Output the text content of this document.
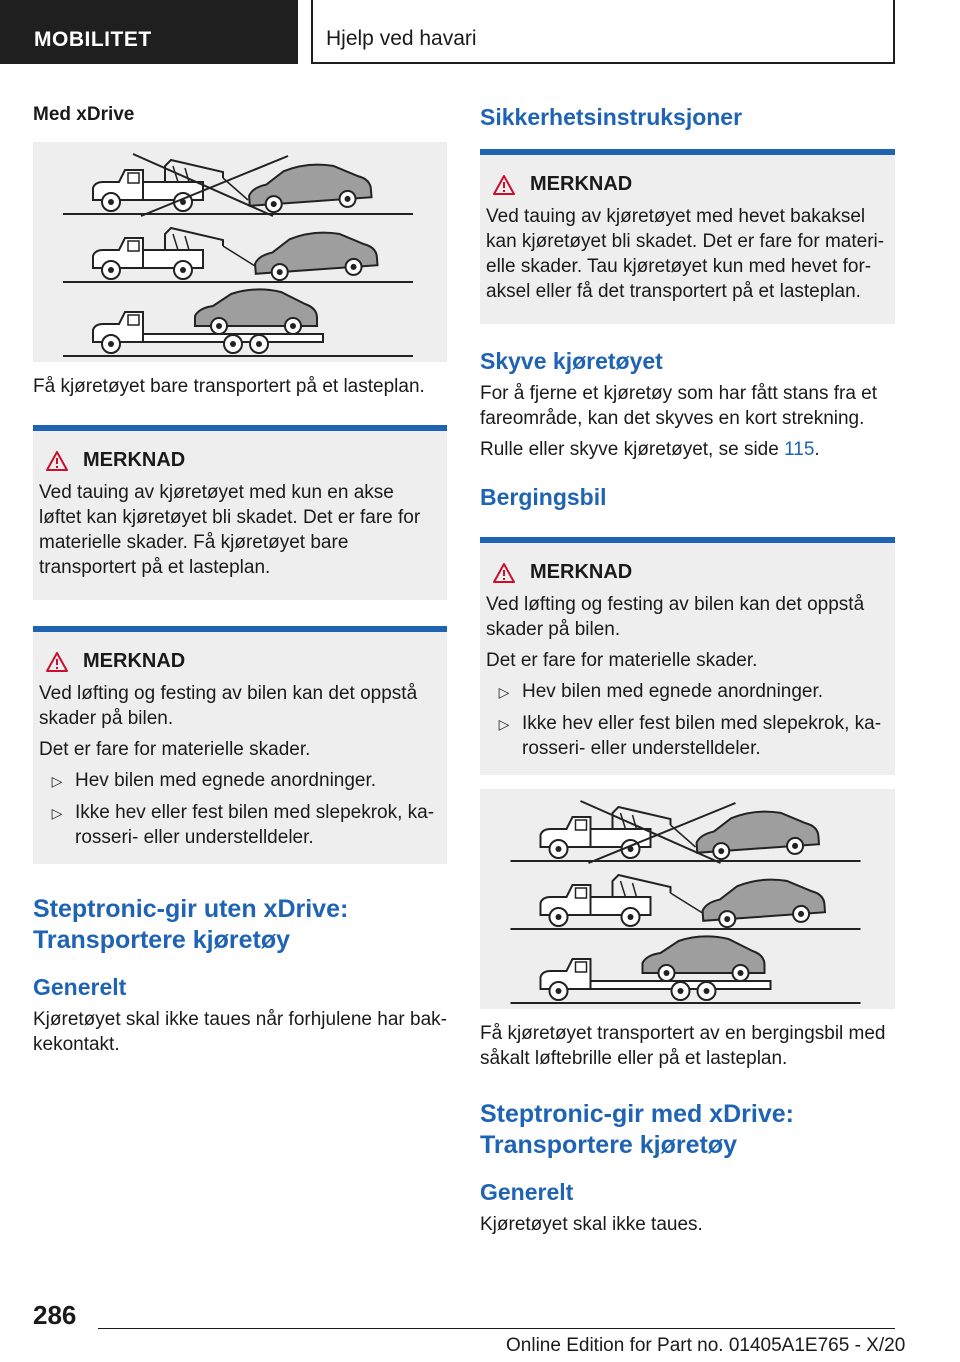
MOBILITET	Hjelp ved havari
Med xDrive

Få kjøretøyet bare transportert på et lasteplan.

MERKNAD

Ved tauing av kjøretøyet med kun en akse løftet kan kjøretøyet bli skadet. Det er fare for materielle skader. Få kjøretøyet bare transportert på et lasteplan.

MERKNAD

Ved løfting og festing av bilen kan det oppstå skader på bilen.

Det er fare for materielle skader.

▷ Hev bilen med egnede anordninger.
▷ Ikke hev eller fest bilen med slepekrok, karosseri- eller understelldeler.
Steptronic-gir uten xDrive: Transportere kjøretøy
Generelt

Kjøretøyet skal ikke taues når forhjulene har bakkekontakt.

Sikkerhetsinstruksjoner
MERKNAD

Ved tauing av kjøretøyet med hevet bakaksel kan kjøretøyet bli skadet. Det er fare for materielle skader. Tau kjøretøyet kun med hevet foraksel eller få det transportert på et lasteplan.

Skyve kjøretøyet

For å fjerne et kjøretøy som har fått stans fra et fareområde, kan det skyves en kort strekning.

Rulle eller skyve kjøretøyet, se side 115.

Bergingsbil
MERKNAD

Ved løfting og festing av bilen kan det oppstå skader på bilen.

Det er fare for materielle skader.

▷ Hev bilen med egnede anordninger.
▷ Ikke hev eller fest bilen med slepekrok, karosseri- eller understelldeler.

Få kjøretøyet transportert av en bergingsbil med såkalt løftebrille eller på et lasteplan.

Steptronic-gir med xDrive: Transportere kjøretøy
Generelt

Kjøretøyet skal ikke taues.

286
Online Edition for Part no. 01405A1E765 - X/20
